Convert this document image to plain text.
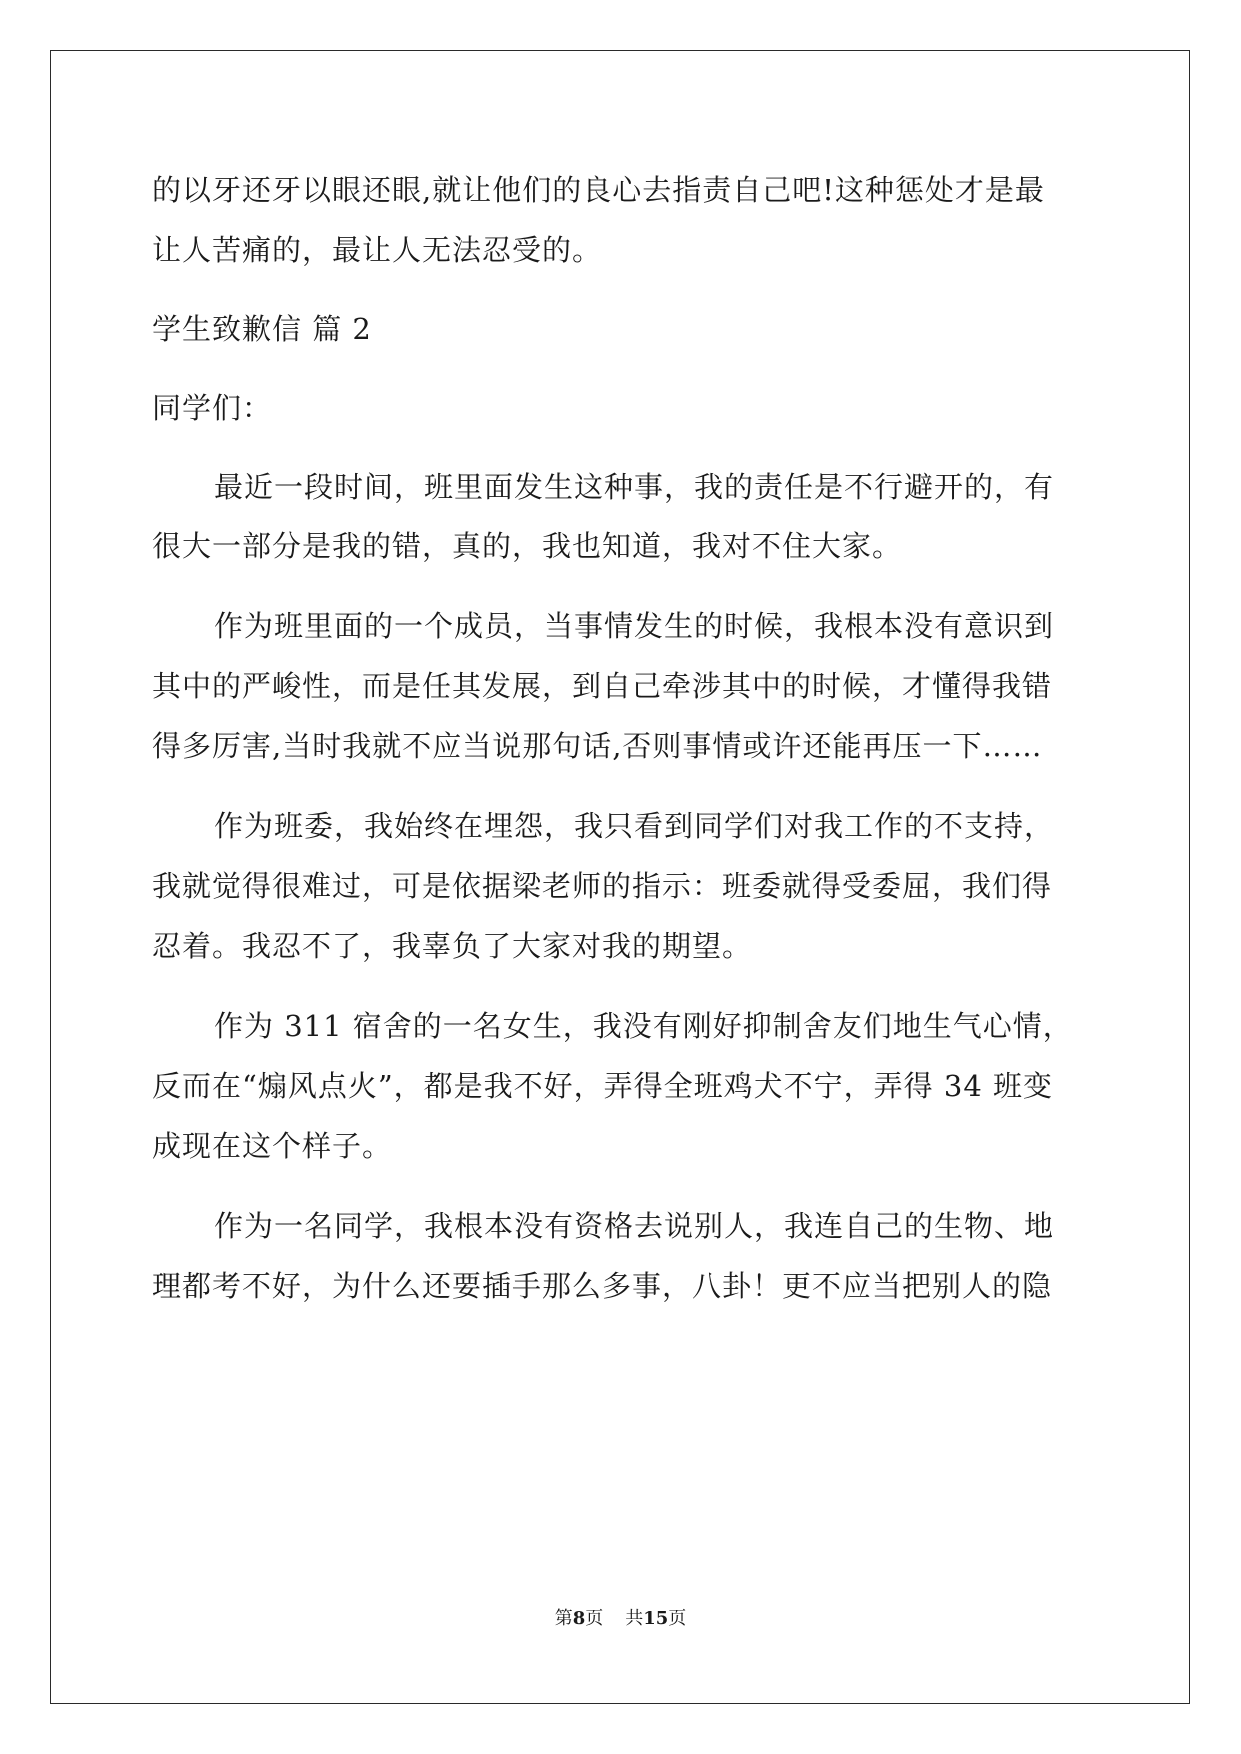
的以牙还牙以眼还眼,就让他们的良心去指责自己吧!这种惩处才是最
让人苦痛的，最让人无法忍受的。
学生致歉信 篇 2
同学们：
最近一段时间，班里面发生这种事，我的责任是不行避开的，有
很大一部分是我的错，真的，我也知道，我对不住大家。
作为班里面的一个成员，当事情发生的时候，我根本没有意识到
其中的严峻性，而是任其发展，到自己牵涉其中的时候，才懂得我错
得多厉害,当时我就不应当说那句话,否则事情或许还能再压一下……
作为班委，我始终在埋怨，我只看到同学们对我工作的不支持，
我就觉得很难过，可是依据梁老师的指示：班委就得受委屈，我们得
忍着。我忍不了，我辜负了大家对我的期望。
作为 311 宿舍的一名女生，我没有刚好抑制舍友们地生气心情，
反而在“煽风点火”，都是我不好，弄得全班鸡犬不宁，弄得 34 班变
成现在这个样子。
作为一名同学，我根本没有资格去说别人，我连自己的生物、地
理都考不好，为什么还要插手那么多事，八卦！更不应当把别人的隐
第8页 共15页
